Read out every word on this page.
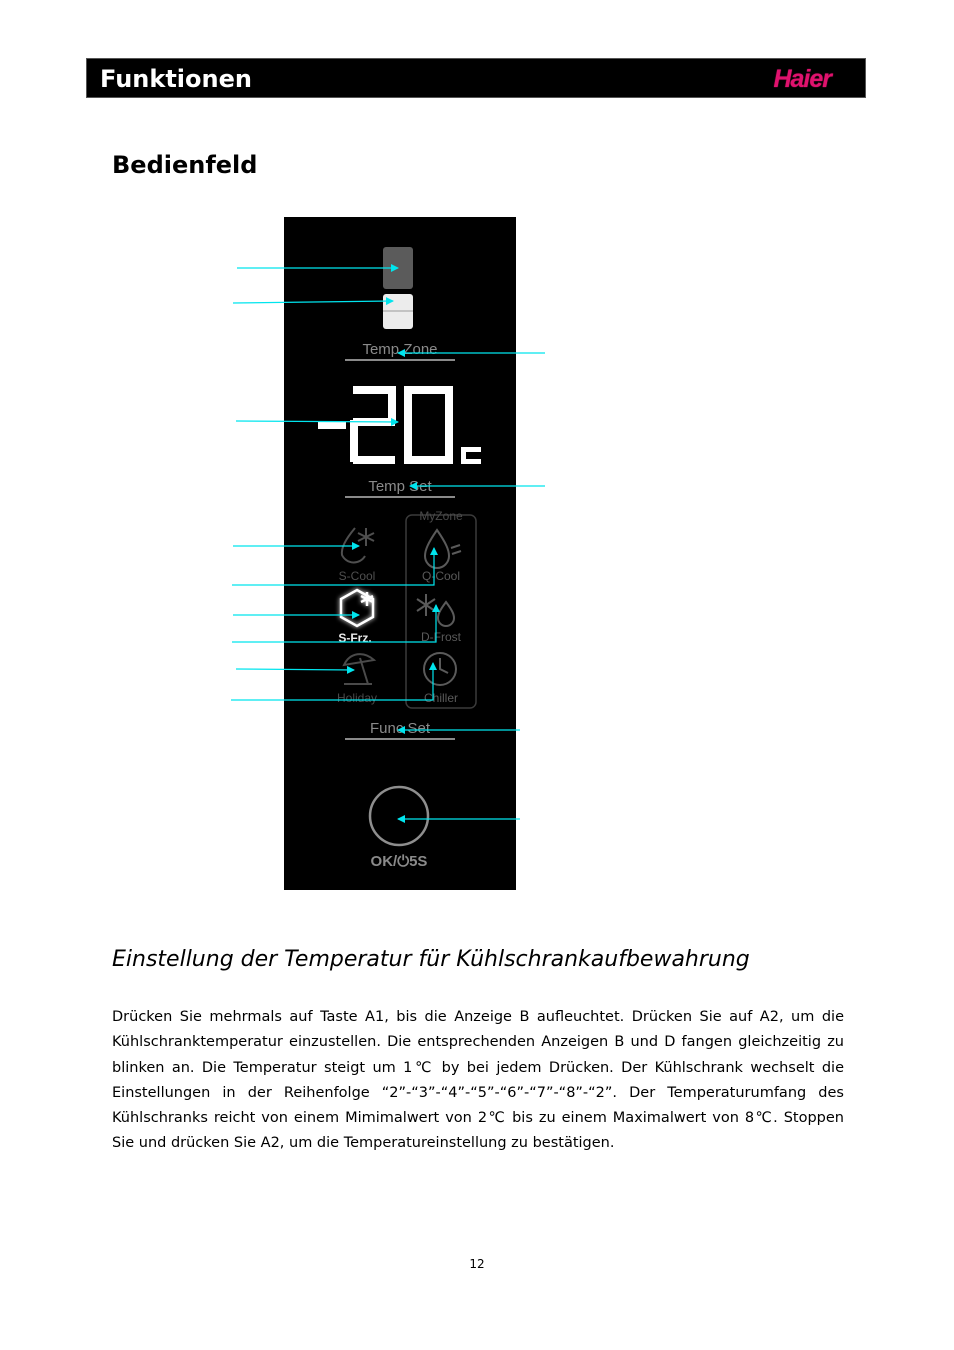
Funktionen	Haier
Bedienfeld
Temp Zone
Temp Set
MyZone
S-Cool	Q-Cool
S-Frz.	D-Frost
Holiday	Chiller
Func Set
OK/⏻5S
Einstellung der Temperatur für Kühlschrankaufbewahrung

Drücken Sie mehrmals auf Taste A1, bis die Anzeige B aufleuchtet. Drücken Sie auf A2, um die Kühlschranktemperatur einzustellen. Die entsprechenden Anzeigen B und D fangen gleichzeitig zu blinken an. Die Temperatur steigt um 1℃ by bei jedem Drücken. Der Kühlschrank wechselt die Einstellungen in der Reihenfolge “2”-“3”-“4”-“5”-“6”-“7”-“8”-“2”. Der Temperaturumfang des Kühlschranks reicht von einem Mimimalwert von 2℃ bis zu einem Maximalwert von 8℃. Stoppen Sie und drücken Sie A2, um die Temperatureinstellung zu bestätigen.

12
